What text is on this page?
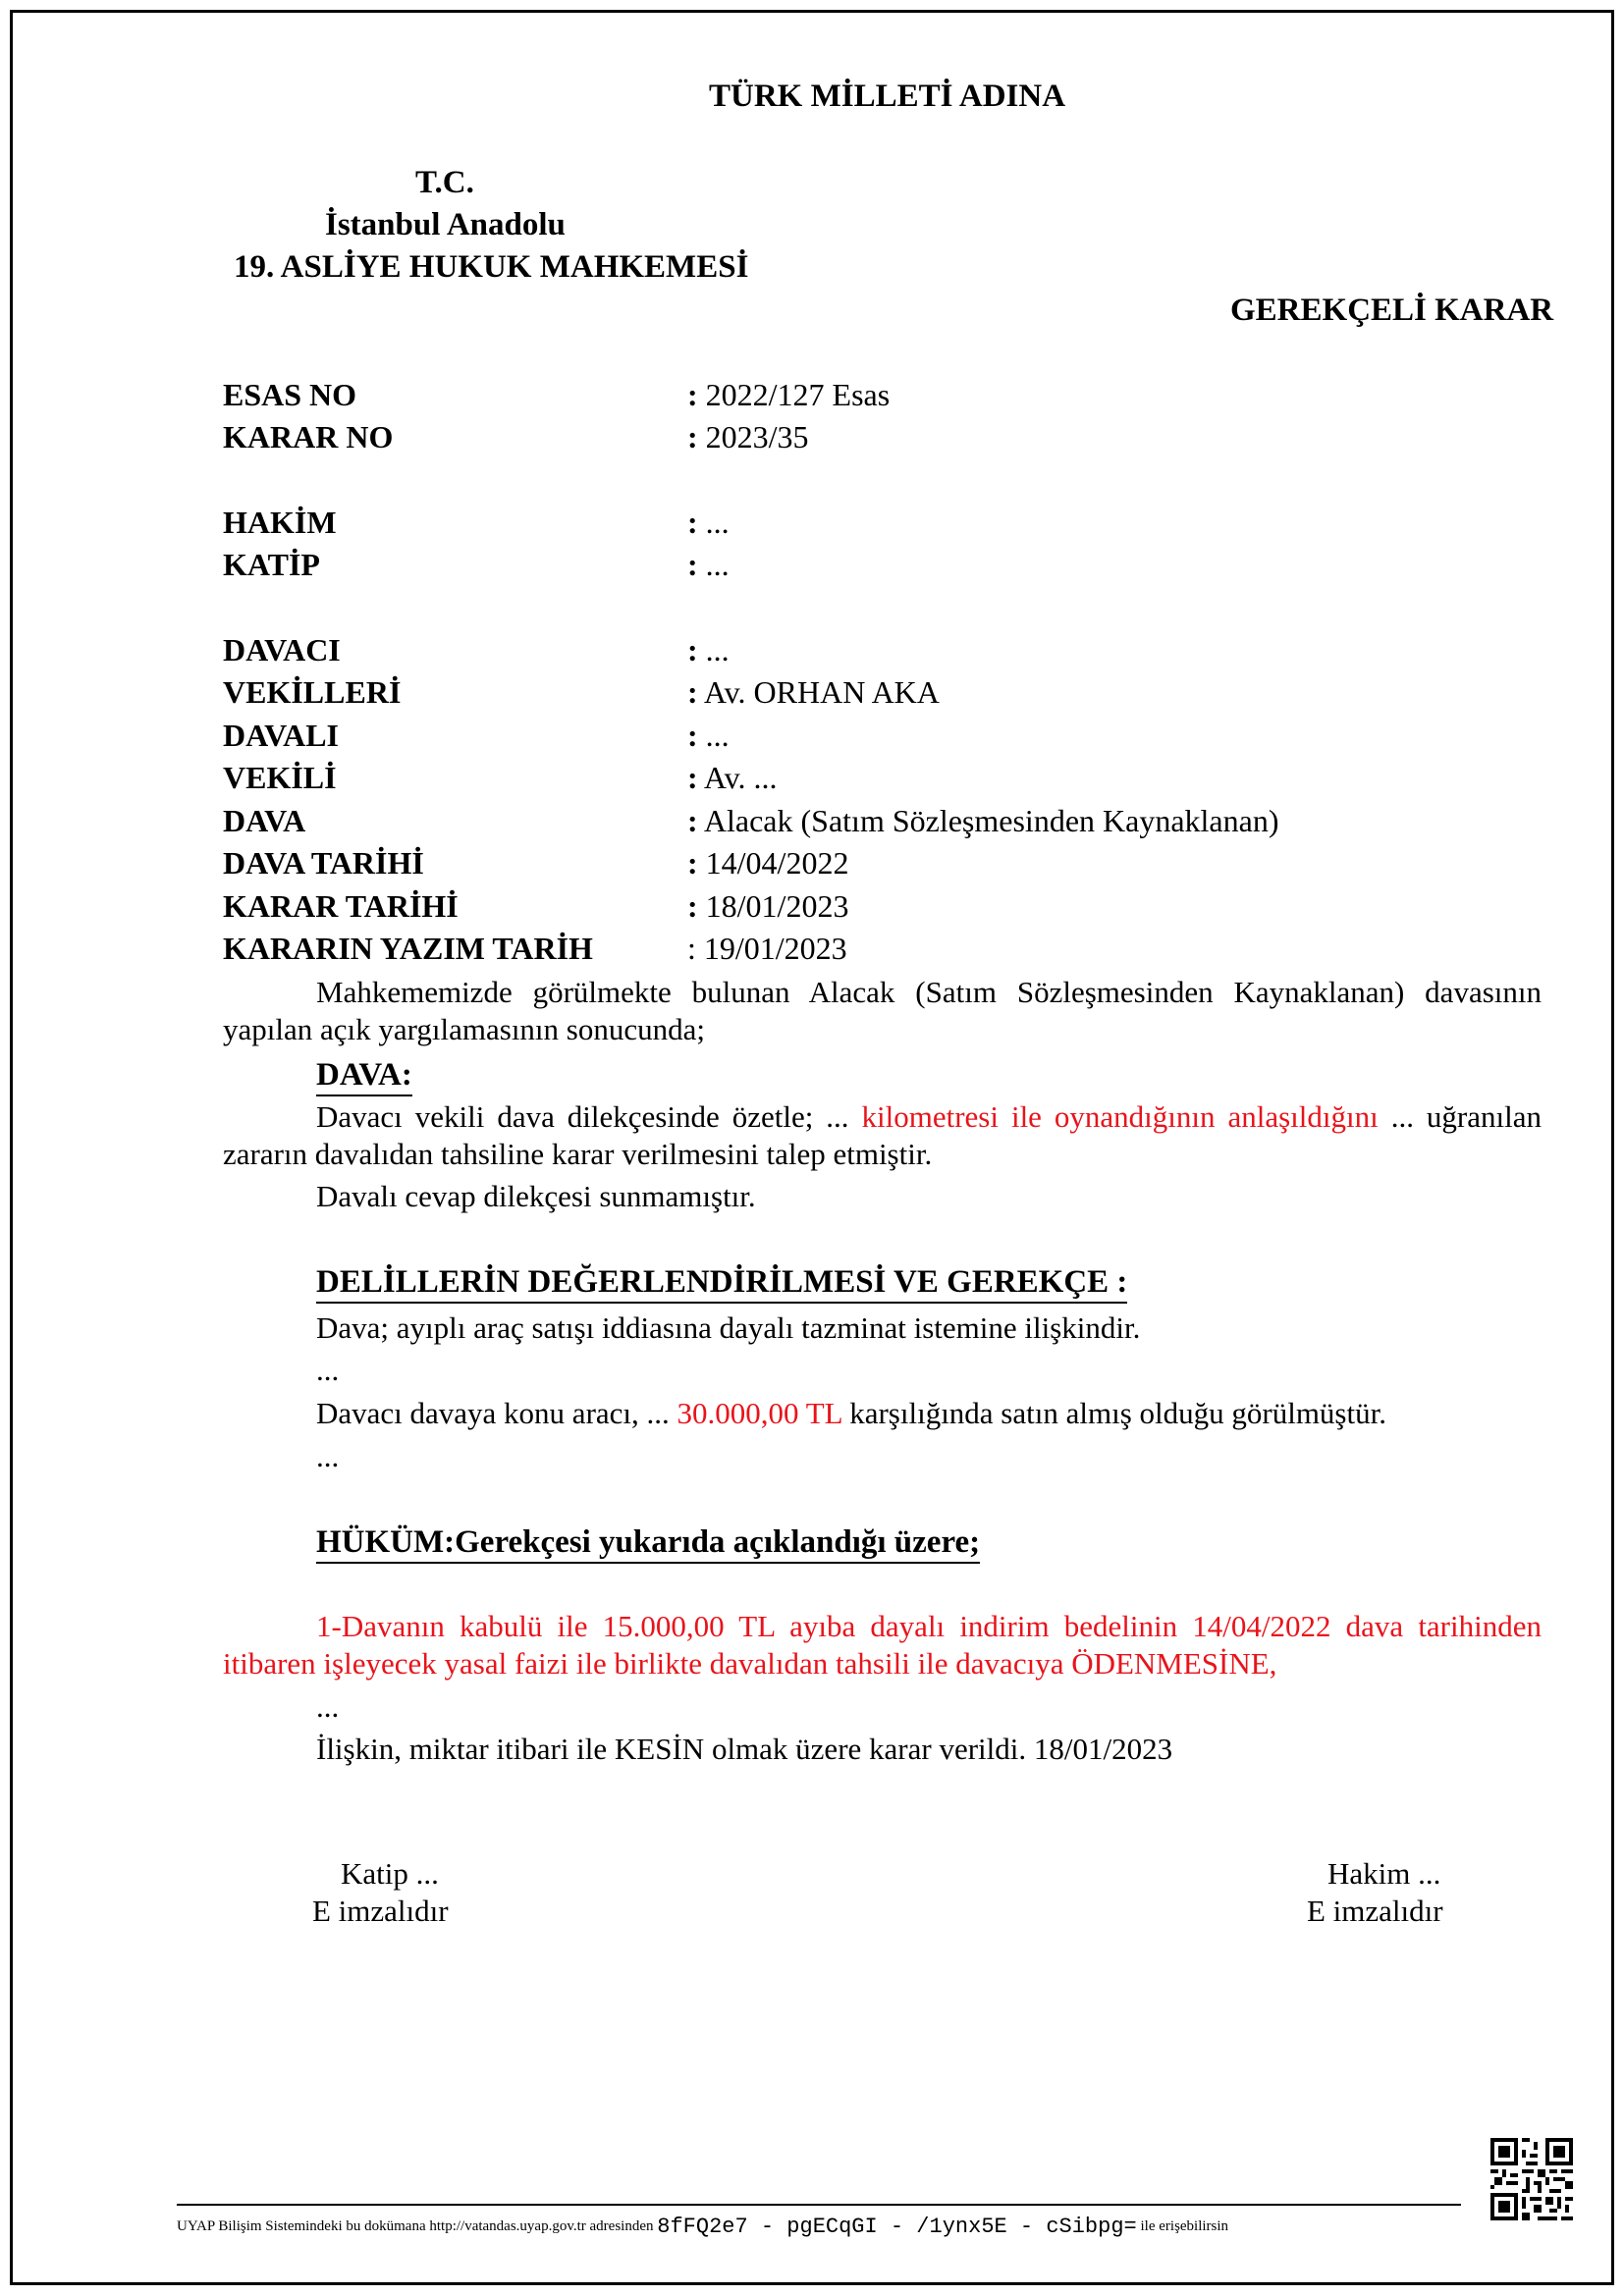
TÜRK MİLLETİ ADINA
T.C.
İstanbul Anadolu
19. ASLİYE HUKUK MAHKEMESİ
GEREKÇELİ KARAR
ESAS NO	: 2022/127 Esas
KARAR NO	: 2023/35
HAKİM	: ...
KATİP	: ...
DAVACI	: ...
VEKİLLERİ	: Av. ORHAN AKA
DAVALI	: ...
VEKİLİ	: Av. ...
DAVA	: Alacak (Satım Sözleşmesinden Kaynaklanan)
DAVA TARİHİ	: 14/04/2022
KARAR TARİHİ	: 18/01/2023
KARARIN YAZIM TARİH	: 19/01/2023
Mahkememizde görülmekte bulunan Alacak (Satım Sözleşmesinden Kaynaklanan) davasının yapılan açık yargılamasının sonucunda;
DAVA:
Davacı vekili dava dilekçesinde özetle; ... kilometresi ile oynandığının anlaşıldığını ... uğranılan zararın davalıdan tahsiline karar verilmesini talep etmiştir.
Davalı cevap dilekçesi sunmamıştır.
DELİLLERİN DEĞERLENDİRİLMESİ VE GEREKÇE :
Dava; ayıplı araç satışı iddiasına dayalı tazminat istemine ilişkindir.
...
Davacı davaya konu aracı, ... 30.000,00 TL karşılığında satın almış olduğu görülmüştür.
...
HÜKÜM:Gerekçesi yukarıda açıklandığı üzere;
1-Davanın kabulü ile 15.000,00 TL ayıba dayalı indirim bedelinin 14/04/2022 dava tarihinden itibaren işleyecek yasal faizi ile birlikte davalıdan tahsili ile davacıya ÖDENMESİNE,
...
İlişkin, miktar itibari ile KESİN olmak üzere karar verildi. 18/01/2023
Katip ...
E imzalıdır
Hakim ...
E imzalıdır
UYAP Bilişim Sistemindeki bu dokümana http://vatandas.uyap.gov.tr adresinden 8fFQ2e7 - pgECqGI - /1ynx5E - cSibpg= ile erişebilirsin
